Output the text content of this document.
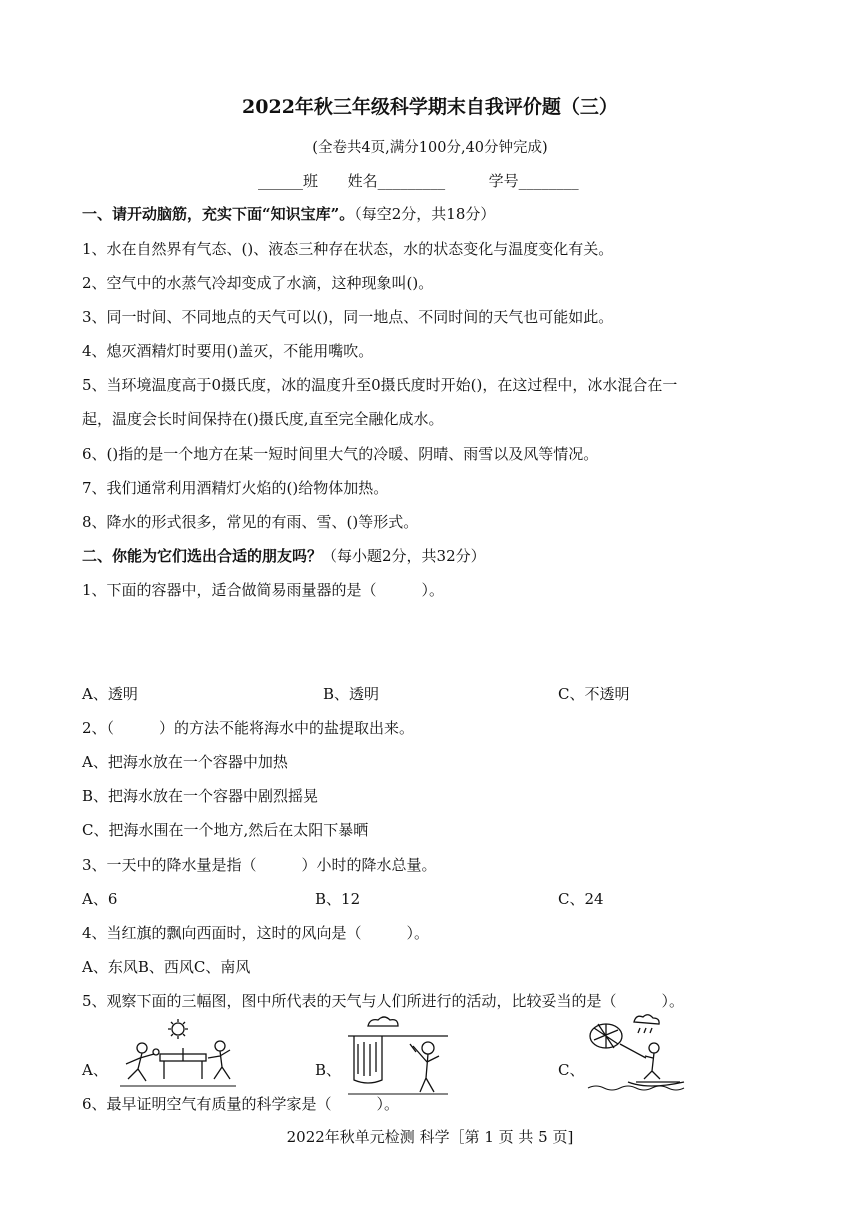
2022年秋三年级科学期末自我评价题（三）
(全卷共4页,满分100分,40分钟完成)
______班 姓名_________	学号________
一、请开动脑筋，充实下面“知识宝库”。（每空2分，共18分）
1、水在自然界有气态、()、液态三种存在状态，水的状态变化与温度变化有关。
2、空气中的水蒸气冷却变成了水滴，这种现象叫()。
3、同一时间、不同地点的天气可以()，同一地点、不同时间的天气也可能如此。
4、熄灭酒精灯时要用()盖灭，不能用嘴吹。
5、当环境温度高于0摄氏度，冰的温度升至0摄氏度时开始()，在这过程中，冰水混合在一
起，温度会长时间保持在()摄氏度,直至完全融化成水。
6、()指的是一个地方在某一短时间里大气的冷暖、阴晴、雨雪以及风等情况。
7、我们通常利用酒精灯火焰的()给物体加热。
8、降水的形式很多，常见的有雨、雪、()等形式。
二、你能为它们选出合适的朋友吗？（每小题2分，共32分）
1、下面的容器中，适合做简易雨量器的是（　　　）。
A、透明	B、透明	C、不透明
2、（　　　）的方法不能将海水中的盐提取出来。
A、把海水放在一个容器中加热
B、把海水放在一个容器中剧烈摇晃
C、把海水围在一个地方,然后在太阳下暴晒
3、一天中的降水量是指（　　　）小时的降水总量。
A、6	B、12	C、24
4、当红旗的飘向西面时，这时的风向是（　　　）。
A、东风B、西风C、南风
5、观察下面的三幅图，图中所代表的天气与人们所进行的活动，比较妥当的是（　　　）。
A、	B、	C、
6、最早证明空气有质量的科学家是（　　　）。
2022年秋单元检测 科学［第 1 页 共 5 页]
